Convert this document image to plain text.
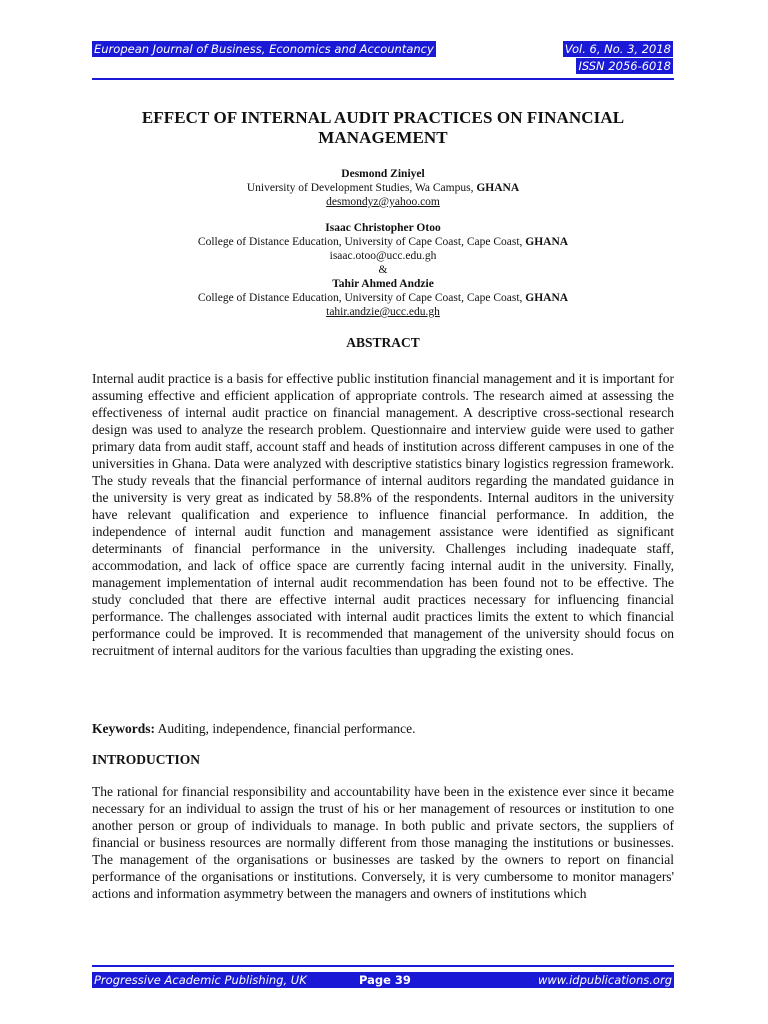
European Journal of Business, Economics and Accountancy	Vol. 6, No. 3, 2018
ISSN 2056-6018
EFFECT OF INTERNAL AUDIT PRACTICES ON FINANCIAL MANAGEMENT
Desmond Ziniyel
University of Development Studies, Wa Campus, GHANA
desmondyz@yahoo.com
Isaac Christopher Otoo
College of Distance Education, University of Cape Coast, Cape Coast, GHANA
isaac.otoo@ucc.edu.gh
&
Tahir Ahmed Andzie
College of Distance Education, University of Cape Coast, Cape Coast, GHANA
tahir.andzie@ucc.edu.gh
ABSTRACT
Internal audit practice is a basis for effective public institution financial management and it is important for assuming effective and efficient application of appropriate controls. The research aimed at assessing the effectiveness of internal audit practice on financial management. A descriptive cross-sectional research design was used to analyze the research problem. Questionnaire and interview guide were used to gather primary data from audit staff, account staff and heads of institution across different campuses in one of the universities in Ghana. Data were analyzed with descriptive statistics binary logistics regression framework. The study reveals that the financial performance of internal auditors regarding the mandated guidance in the university is very great as indicated by 58.8% of the respondents. Internal auditors in the university have relevant qualification and experience to influence financial performance. In addition, the independence of internal audit function and management assistance were identified as significant determinants of financial performance in the university. Challenges including inadequate staff, accommodation, and lack of office space are currently facing internal audit in the university. Finally, management implementation of internal audit recommendation has been found not to be effective. The study concluded that there are effective internal audit practices necessary for influencing financial performance. The challenges associated with internal audit practices limits the extent to which financial performance could be improved. It is recommended that management of the university should focus on recruitment of internal auditors for the various faculties than upgrading the existing ones.
Keywords: Auditing, independence, financial performance.
INTRODUCTION
The rational for financial responsibility and accountability have been in the existence ever since it became necessary for an individual to assign the trust of his or her management of resources or institution to one another person or group of individuals to manage. In both public and private sectors, the suppliers of financial or business resources are normally different from those managing the institutions or businesses. The management of the organisations or businesses are tasked by the owners to report on financial performance of the organisations or institutions. Conversely, it is very cumbersome to monitor managers' actions and information asymmetry between the managers and owners of institutions which
Progressive Academic Publishing, UK	Page 39	www.idpublications.org
